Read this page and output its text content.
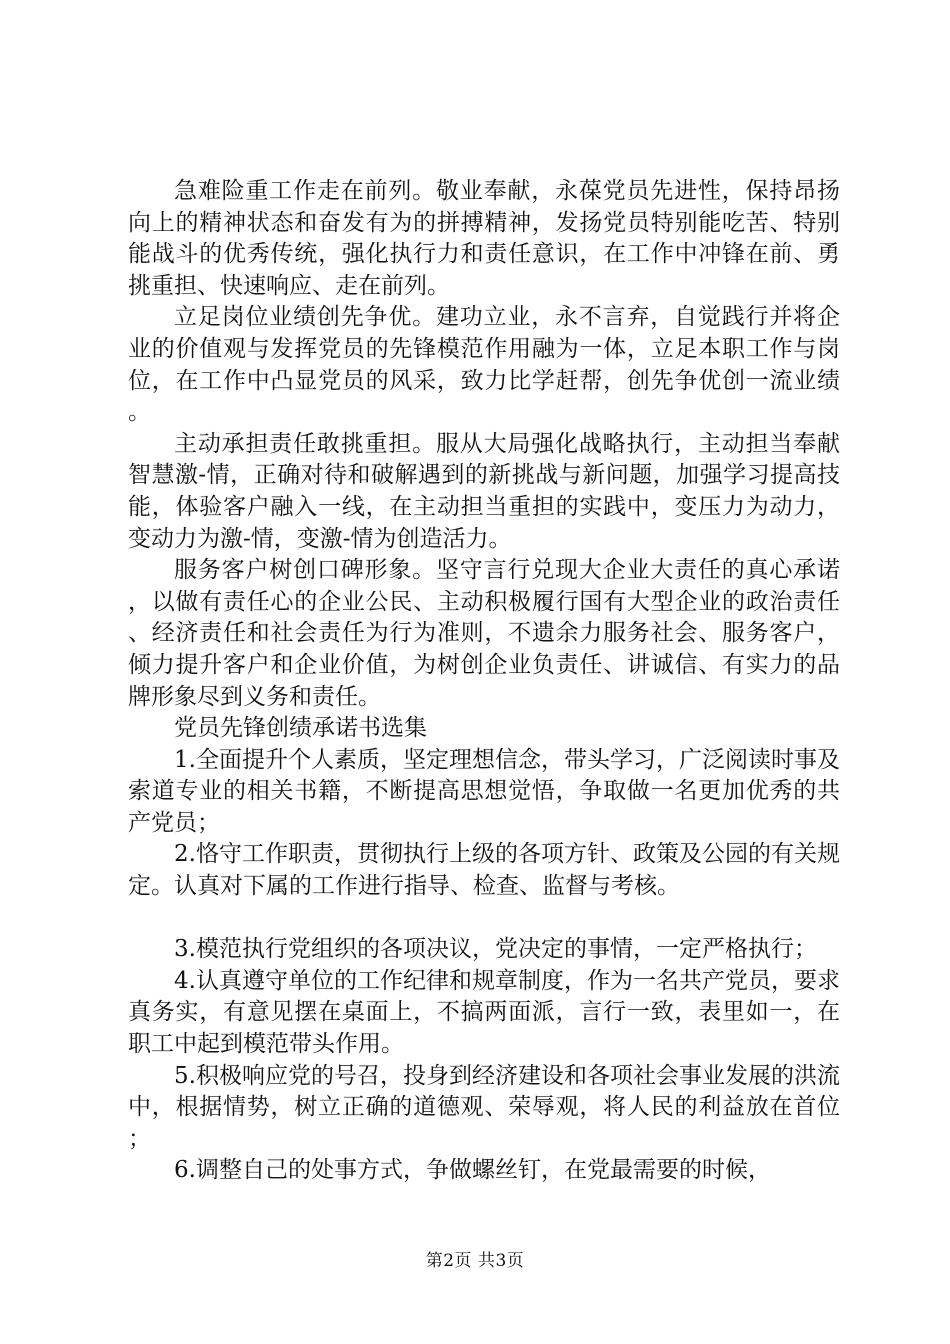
急难险重工作走在前列。敬业奉献，永葆党员先进性，保持昂扬向上的精神状态和奋发有为的拼搏精神，发扬党员特别能吃苦、特别能战斗的优秀传统，强化执行力和责任意识，在工作中冲锋在前、勇挑重担、快速响应、走在前列。

立足岗位业绩创先争优。建功立业，永不言弃，自觉践行并将企业的价值观与发挥党员的先锋模范作用融为一体，立足本职工作与岗位，在工作中凸显党员的风采，致力比学赶帮，创先争优创一流业绩。

主动承担责任敢挑重担。服从大局强化战略执行，主动担当奉献智慧激-情，正确对待和破解遇到的新挑战与新问题，加强学习提高技能，体验客户融入一线，在主动担当重担的实践中，变压力为动力，变动力为激-情，变激-情为创造活力。

服务客户树创口碑形象。坚守言行兑现大企业大责任的真心承诺，以做有责任心的企业公民、主动积极履行国有大型企业的政治责任、经济责任和社会责任为行为准则，不遗余力服务社会、服务客户，倾力提升客户和企业价值，为树创企业负责任、讲诚信、有实力的品牌形象尽到义务和责任。

党员先锋创绩承诺书选集

1.全面提升个人素质，坚定理想信念，带头学习，广泛阅读时事及索道专业的相关书籍，不断提高思想觉悟，争取做一名更加优秀的共产党员；

2.恪守工作职责，贯彻执行上级的各项方针、政策及公园的有关规定。认真对下属的工作进行指导、检查、监督与考核。

3.模范执行党组织的各项决议，党决定的事情，一定严格执行；

4.认真遵守单位的工作纪律和规章制度，作为一名共产党员，要求真务实，有意见摆在桌面上，不搞两面派，言行一致，表里如一，在职工中起到模范带头作用。

5.积极响应党的号召，投身到经济建设和各项社会事业发展的洪流中，根据情势，树立正确的道德观、荣辱观，将人民的利益放在首位；

6.调整自己的处事方式，争做螺丝钉，在党最需要的时候，

第2页 共3页
